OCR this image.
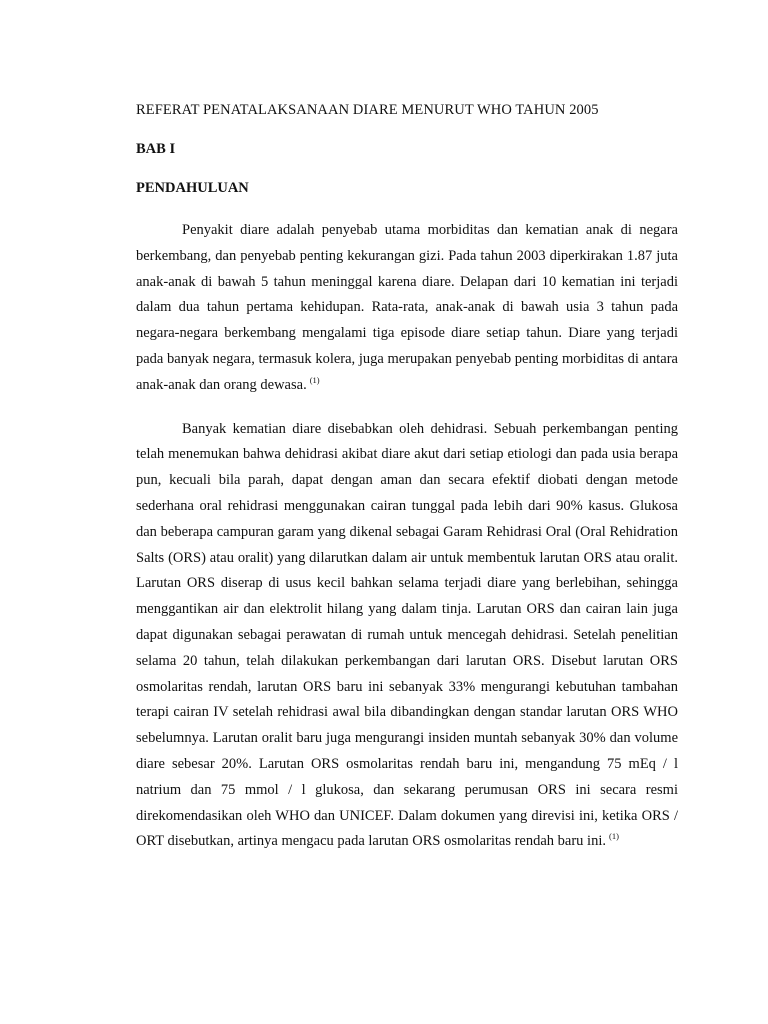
REFERAT PENATALAKSANAAN DIARE MENURUT WHO TAHUN 2005

BAB I

PENDAHULUAN

Penyakit diare adalah penyebab utama morbiditas dan kematian anak di negara berkembang, dan penyebab penting kekurangan gizi. Pada tahun 2003 diperkirakan 1.87 juta anak-anak di bawah 5 tahun meninggal karena diare. Delapan dari 10 kematian ini terjadi dalam dua tahun pertama kehidupan. Rata-rata, anak-anak di bawah usia 3 tahun pada negara-negara berkembang mengalami tiga episode diare setiap tahun. Diare yang terjadi pada banyak negara, termasuk kolera, juga merupakan penyebab penting morbiditas di antara anak-anak dan orang dewasa. $^{(1)}$

Banyak kematian diare disebabkan oleh dehidrasi. Sebuah perkembangan penting telah menemukan bahwa dehidrasi akibat diare akut dari setiap etiologi dan pada usia berapa pun, kecuali bila parah, dapat dengan aman dan secara efektif diobati dengan metode sederhana oral rehidrasi menggunakan cairan tunggal pada lebih dari 90% kasus. Glukosa dan beberapa campuran garam yang dikenal sebagai Garam Rehidrasi Oral (Oral Rehidration Salts (ORS) atau oralit) yang dilarutkan dalam air untuk membentuk larutan ORS atau oralit. Larutan ORS diserap di usus kecil bahkan selama terjadi diare yang berlebihan, sehingga menggantikan air dan elektrolit hilang yang dalam tinja. Larutan ORS dan cairan lain juga dapat digunakan sebagai perawatan di rumah untuk mencegah dehidrasi. Setelah penelitian selama 20 tahun, telah dilakukan perkembangan dari larutan ORS. Disebut larutan ORS osmolaritas rendah, larutan ORS baru ini sebanyak 33% mengurangi kebutuhan tambahan terapi cairan IV setelah rehidrasi awal bila dibandingkan dengan standar larutan ORS WHO sebelumnya. Larutan oralit baru juga mengurangi insiden muntah sebanyak 30% dan volume diare sebesar 20%. Larutan ORS osmolaritas rendah baru ini, mengandung 75 mEq / l natrium dan 75 mmol / l glukosa, dan sekarang perumusan ORS ini secara resmi direkomendasikan oleh WHO dan UNICEF. Dalam dokumen yang direvisi ini, ketika ORS / ORT disebutkan, artinya mengacu pada larutan ORS osmolaritas rendah baru ini. $^{(1)}$
